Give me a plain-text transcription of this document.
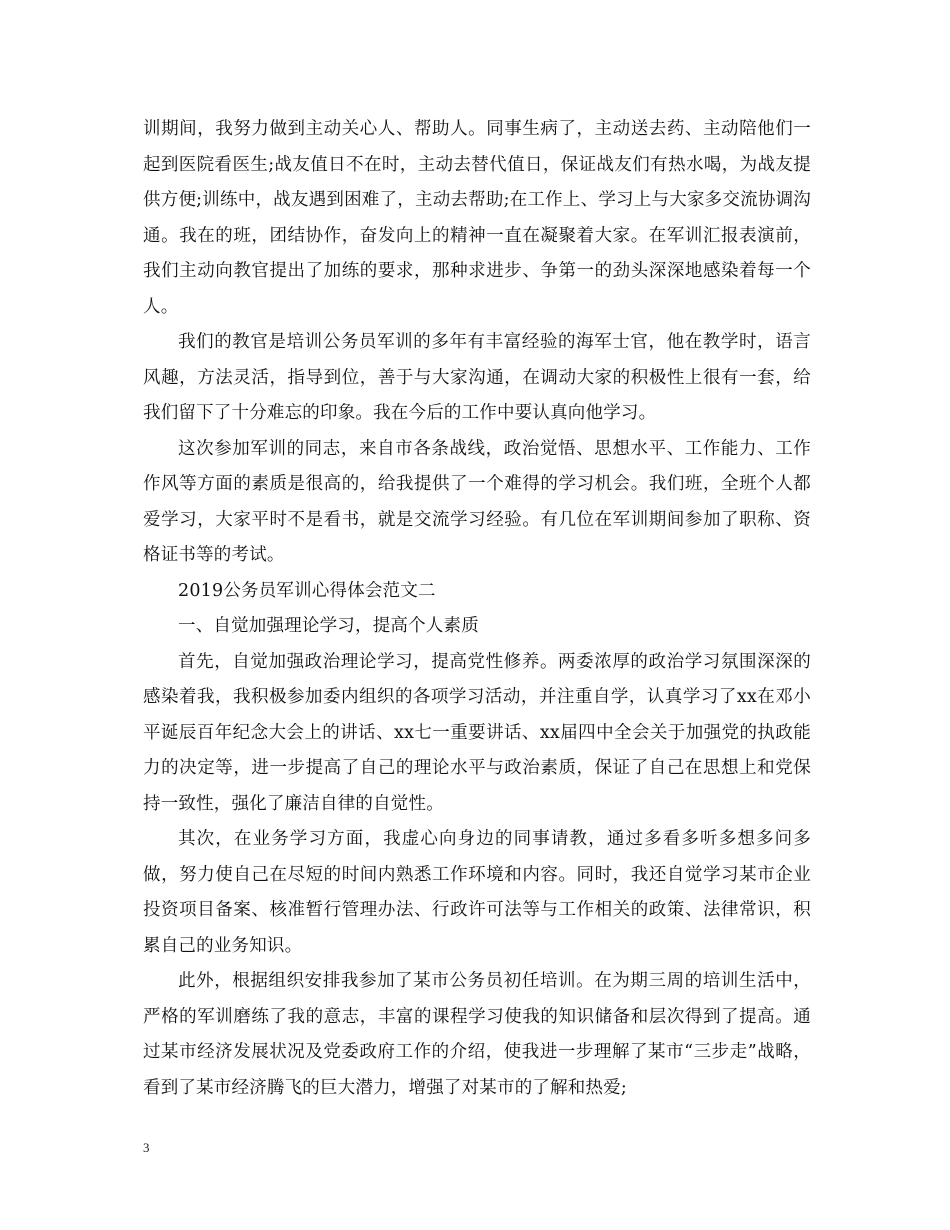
训期间，我努力做到主动关心人、帮助人。同事生病了，主动送去药、主动陪他们一起到医院看医生;战友值日不在时，主动去替代值日，保证战友们有热水喝，为战友提供方便;训练中，战友遇到困难了，主动去帮助;在工作上、学习上与大家多交流协调沟通。我在的班，团结协作，奋发向上的精神一直在凝聚着大家。在军训汇报表演前，我们主动向教官提出了加练的要求，那种求进步、争第一的劲头深深地感染着每一个人。

我们的教官是培训公务员军训的多年有丰富经验的海军士官，他在教学时，语言风趣，方法灵活，指导到位，善于与大家沟通，在调动大家的积极性上很有一套，给我们留下了十分难忘的印象。我在今后的工作中要认真向他学习。

这次参加军训的同志，来自市各条战线，政治觉悟、思想水平、工作能力、工作作风等方面的素质是很高的，给我提供了一个难得的学习机会。我们班，全班个人都爱学习，大家平时不是看书，就是交流学习经验。有几位在军训期间参加了职称、资格证书等的考试。

2019公务员军训心得体会范文二

一、自觉加强理论学习，提高个人素质

首先，自觉加强政治理论学习，提高党性修养。两委浓厚的政治学习氛围深深的感染着我，我积极参加委内组织的各项学习活动，并注重自学，认真学习了xx在邓小平诞辰百年纪念大会上的讲话、xx七一重要讲话、xx届四中全会关于加强党的执政能力的决定等，进一步提高了自己的理论水平与政治素质，保证了自己在思想上和党保持一致性，强化了廉洁自律的自觉性。

其次，在业务学习方面，我虚心向身边的同事请教，通过多看多听多想多问多做，努力使自己在尽短的时间内熟悉工作环境和内容。同时，我还自觉学习某市企业投资项目备案、核准暂行管理办法、行政许可法等与工作相关的政策、法律常识，积累自己的业务知识。

此外，根据组织安排我参加了某市公务员初任培训。在为期三周的培训生活中，严格的军训磨练了我的意志，丰富的课程学习使我的知识储备和层次得到了提高。通过某市经济发展状况及党委政府工作的介绍，使我进一步理解了某市“三步走”战略，看到了某市经济腾飞的巨大潜力，增强了对某市的了解和热爱;

3
